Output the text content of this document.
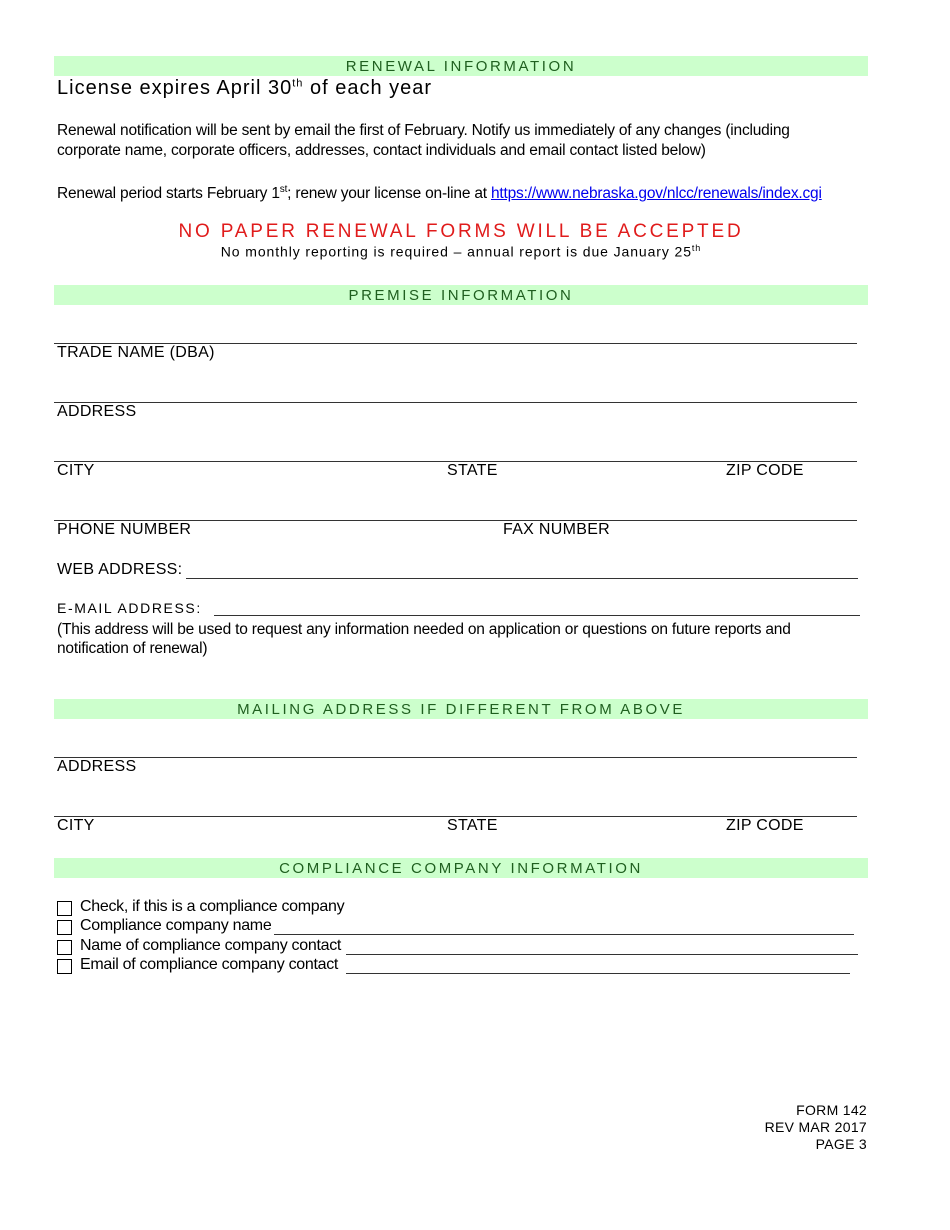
RENEWAL INFORMATION
License expires April 30th of each year
Renewal notification will be sent by email the first of February. Notify us immediately of any changes (including
corporate name, corporate officers, addresses, contact individuals and email contact listed below)
Renewal period starts February 1st; renew your license on-line at https://www.nebraska.gov/nlcc/renewals/index.cgi
NO PAPER RENEWAL FORMS WILL BE ACCEPTED
No monthly reporting is required – annual report is due January 25th
PREMISE INFORMATION
TRADE NAME (DBA)
ADDRESS
CITY	STATE	ZIP CODE
PHONE NUMBER	FAX NUMBER
WEB ADDRESS:
E-MAIL ADDRESS:
(This address will be used to request any information needed on application or questions on future reports and
notification of renewal)
MAILING ADDRESS IF DIFFERENT FROM ABOVE
ADDRESS
CITY	STATE	ZIP CODE
COMPLIANCE COMPANY INFORMATION
Check, if this is a compliance company
Compliance company name
Name of compliance company contact
Email of compliance company contact
FORM 142
REV MAR 2017
PAGE 3
